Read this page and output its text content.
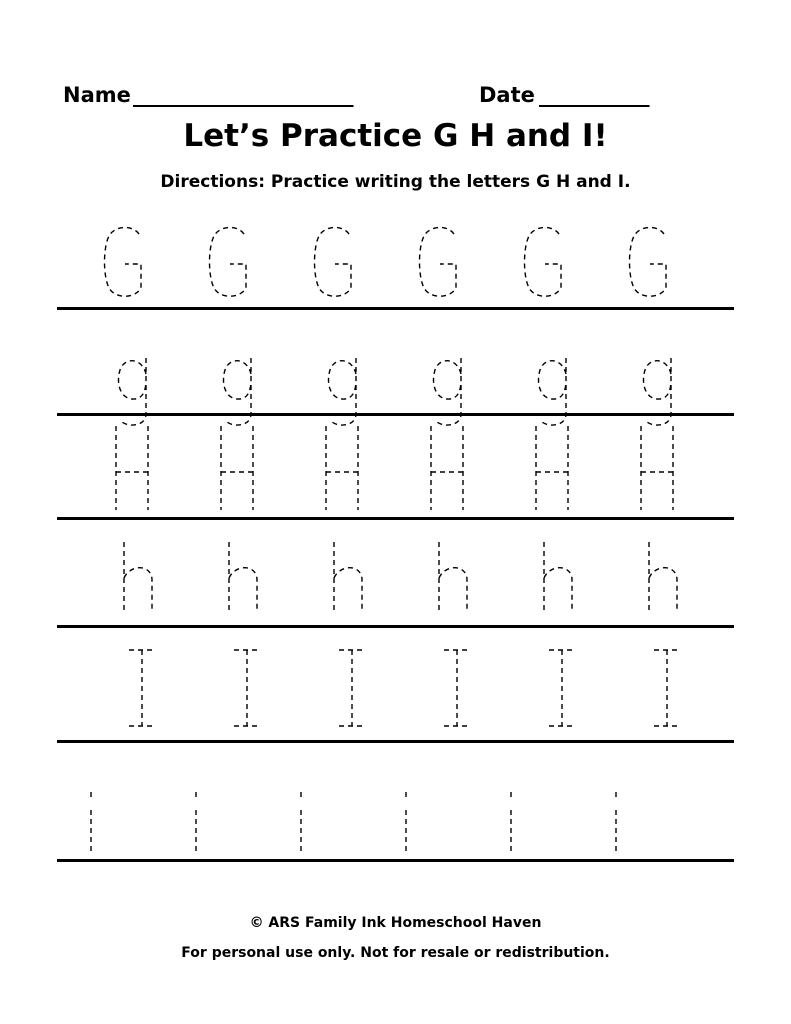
Name ______________________	Date ___________
Let’s Practice G H and I!
Directions: Practice writing the letters G H and I.
© ARS Family Ink Homeschool Haven
For personal use only. Not for resale or redistribution.
